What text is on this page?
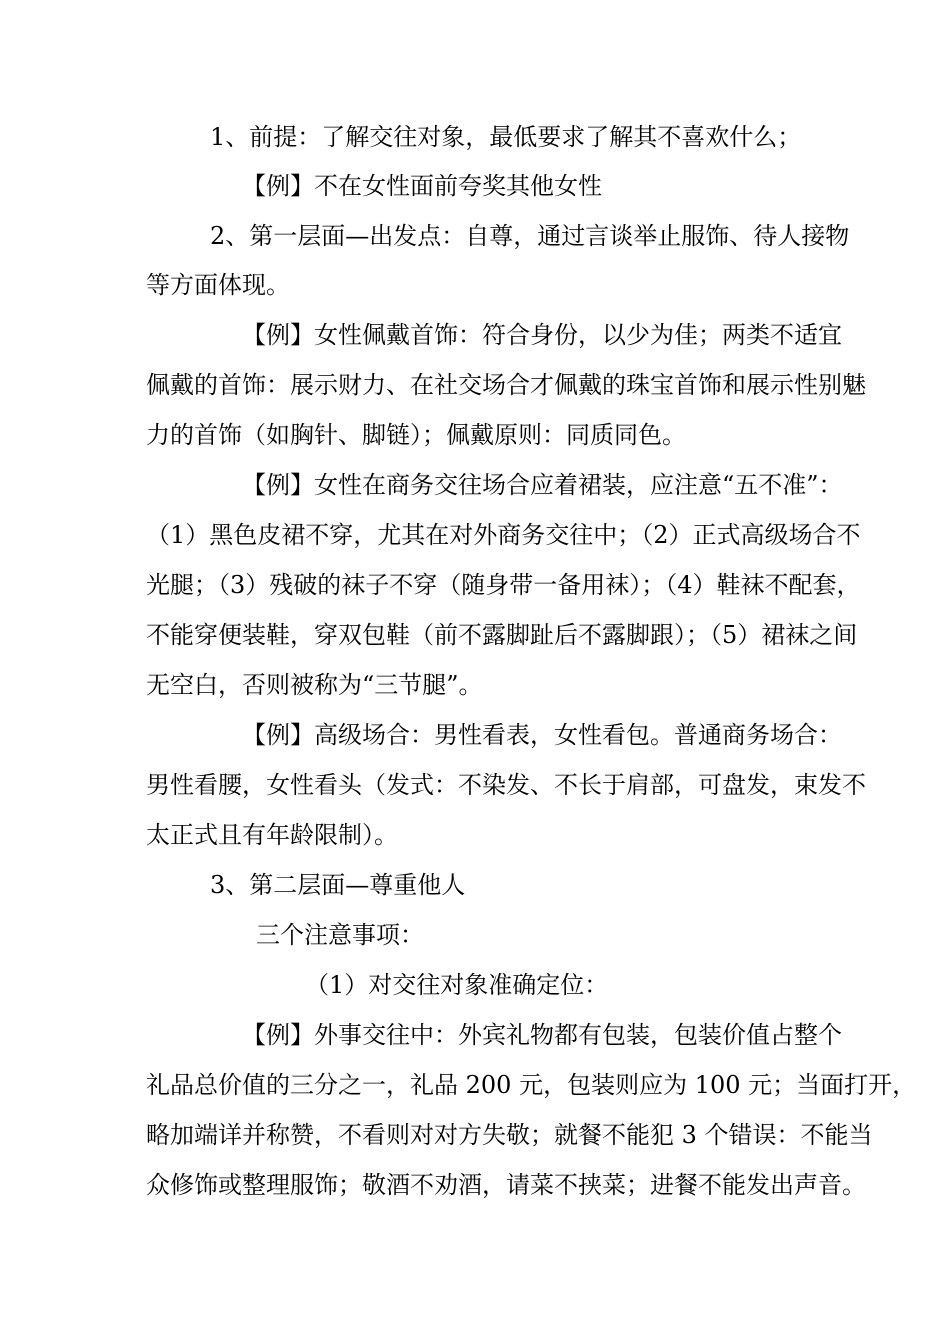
1、前提：了解交往对象，最低要求了解其不喜欢什么；
【例】不在女性面前夸奖其他女性
2、第一层面—出发点：自尊，通过言谈举止服饰、待人接物
等方面体现。
【例】女性佩戴首饰：符合身份，以少为佳；两类不适宜
佩戴的首饰：展示财力、在社交场合才佩戴的珠宝首饰和展示性别魅
力的首饰（如胸针、脚链）；佩戴原则：同质同色。
【例】女性在商务交往场合应着裙装，应注意“五不准”：
（1）黑色皮裙不穿，尤其在对外商务交往中；（2）正式高级场合不
光腿；（3）残破的袜子不穿（随身带一备用袜）；（4）鞋袜不配套，
不能穿便装鞋，穿双包鞋（前不露脚趾后不露脚跟）；（5）裙袜之间
无空白，否则被称为“三节腿”。
【例】高级场合：男性看表，女性看包。普通商务场合：
男性看腰，女性看头（发式：不染发、不长于肩部，可盘发，束发不
太正式且有年龄限制）。
3、第二层面—尊重他人
三个注意事项：
（1）对交往对象准确定位：
【例】外事交往中：外宾礼物都有包装，包装价值占整个
礼品总价值的三分之一，礼品 200 元，包装则应为 100 元；当面打开，
略加端详并称赞，不看则对对方失敬；就餐不能犯 3 个错误：不能当
众修饰或整理服饰；敬酒不劝酒，请菜不挟菜；进餐不能发出声音。
